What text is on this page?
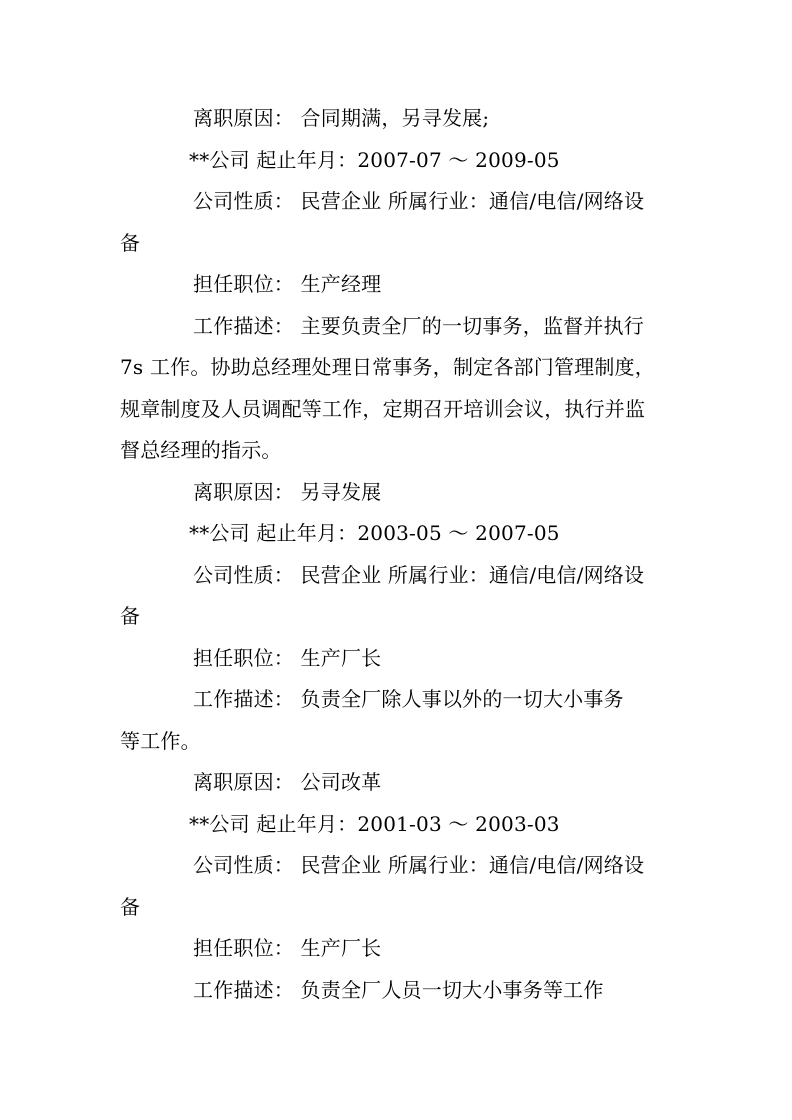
离职原因： 合同期满，另寻发展;
**公司 起止年月：2007-07 ～ 2009-05
公司性质： 民营企业 所属行业：通信/电信/网络设
备
担任职位： 生产经理
工作描述： 主要负责全厂的一切事务，监督并执行
7s 工作。协助总经理处理日常事务，制定各部门管理制度，
规章制度及人员调配等工作，定期召开培训会议，执行并监
督总经理的指示。
离职原因： 另寻发展
**公司 起止年月：2003-05 ～ 2007-05
公司性质： 民营企业 所属行业：通信/电信/网络设
备
担任职位： 生产厂长
工作描述： 负责全厂除人事以外的一切大小事务
等工作。
离职原因： 公司改革
**公司 起止年月：2001-03 ～ 2003-03
公司性质： 民营企业 所属行业：通信/电信/网络设
备
担任职位： 生产厂长
工作描述： 负责全厂人员一切大小事务等工作
